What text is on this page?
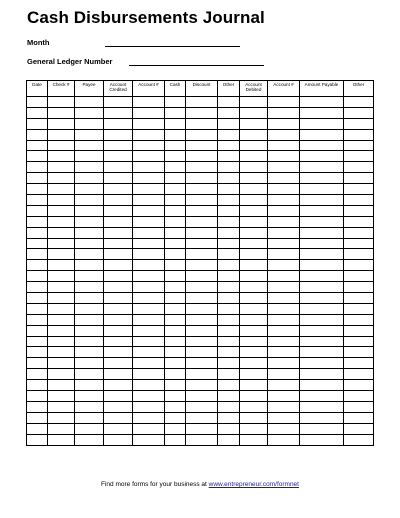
Cash Disbursements Journal
Month
General Ledger Number
Date	Check #	Payee	Account Credited	Account #	Cash	Discount	Other	Account Debited	Account #	Amount Payable	Other

Find more forms for your business at www.entrepreneur.com/formnet
